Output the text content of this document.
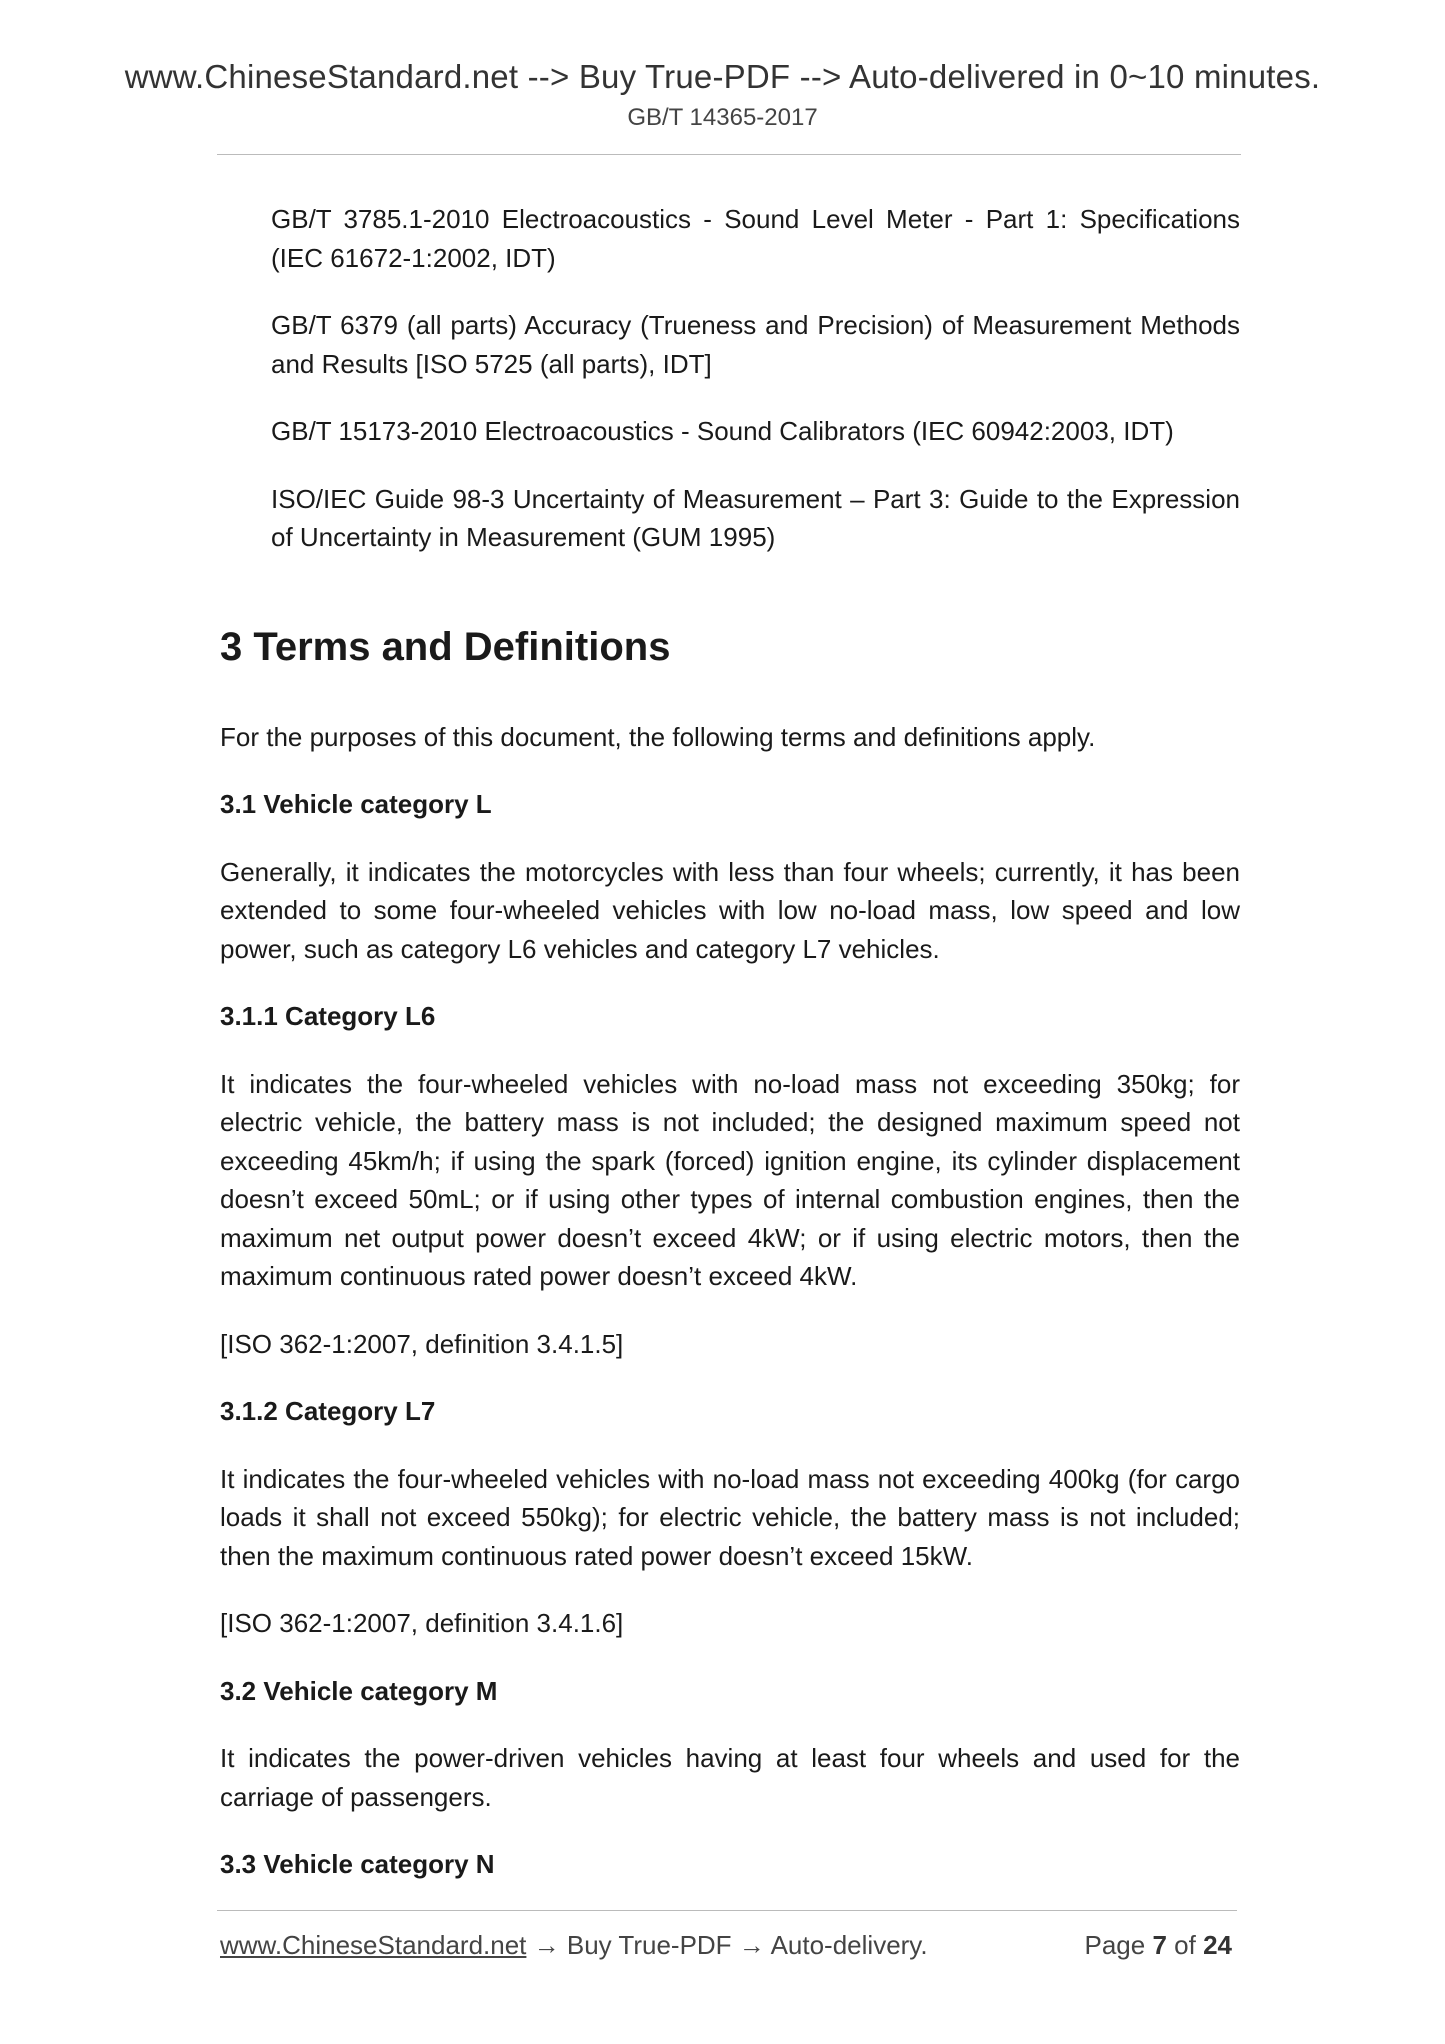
www.ChineseStandard.net --> Buy True-PDF --> Auto-delivered in 0~10 minutes.
GB/T 14365-2017

GB/T 3785.1-2010 Electroacoustics - Sound Level Meter - Part 1: Specifications (IEC 61672-1:2002, IDT)

GB/T 6379 (all parts) Accuracy (Trueness and Precision) of Measurement Methods and Results [ISO 5725 (all parts), IDT]

GB/T 15173-2010 Electroacoustics - Sound Calibrators (IEC 60942:2003, IDT)

ISO/IEC Guide 98-3 Uncertainty of Measurement – Part 3: Guide to the Expression of Uncertainty in Measurement (GUM 1995)

3 Terms and Definitions

For the purposes of this document, the following terms and definitions apply.

3.1 Vehicle category L

Generally, it indicates the motorcycles with less than four wheels; currently, it has been extended to some four-wheeled vehicles with low no-load mass, low speed and low power, such as category L6 vehicles and category L7 vehicles.

3.1.1 Category L6

It indicates the four-wheeled vehicles with no-load mass not exceeding 350kg; for electric vehicle, the battery mass is not included; the designed maximum speed not exceeding 45km/h; if using the spark (forced) ignition engine, its cylinder displacement doesn’t exceed 50mL; or if using other types of internal combustion engines, then the maximum net output power doesn’t exceed 4kW; or if using electric motors, then the maximum continuous rated power doesn’t exceed 4kW.

[ISO 362-1:2007, definition 3.4.1.5]

3.1.2 Category L7

It indicates the four-wheeled vehicles with no-load mass not exceeding 400kg (for cargo loads it shall not exceed 550kg); for electric vehicle, the battery mass is not included; then the maximum continuous rated power doesn’t exceed 15kW.

[ISO 362-1:2007, definition 3.4.1.6]

3.2 Vehicle category M

It indicates the power-driven vehicles having at least four wheels and used for the carriage of passengers.

3.3 Vehicle category N

www.ChineseStandard.net → Buy True-PDF → Auto-delivery.	Page 7 of 24
